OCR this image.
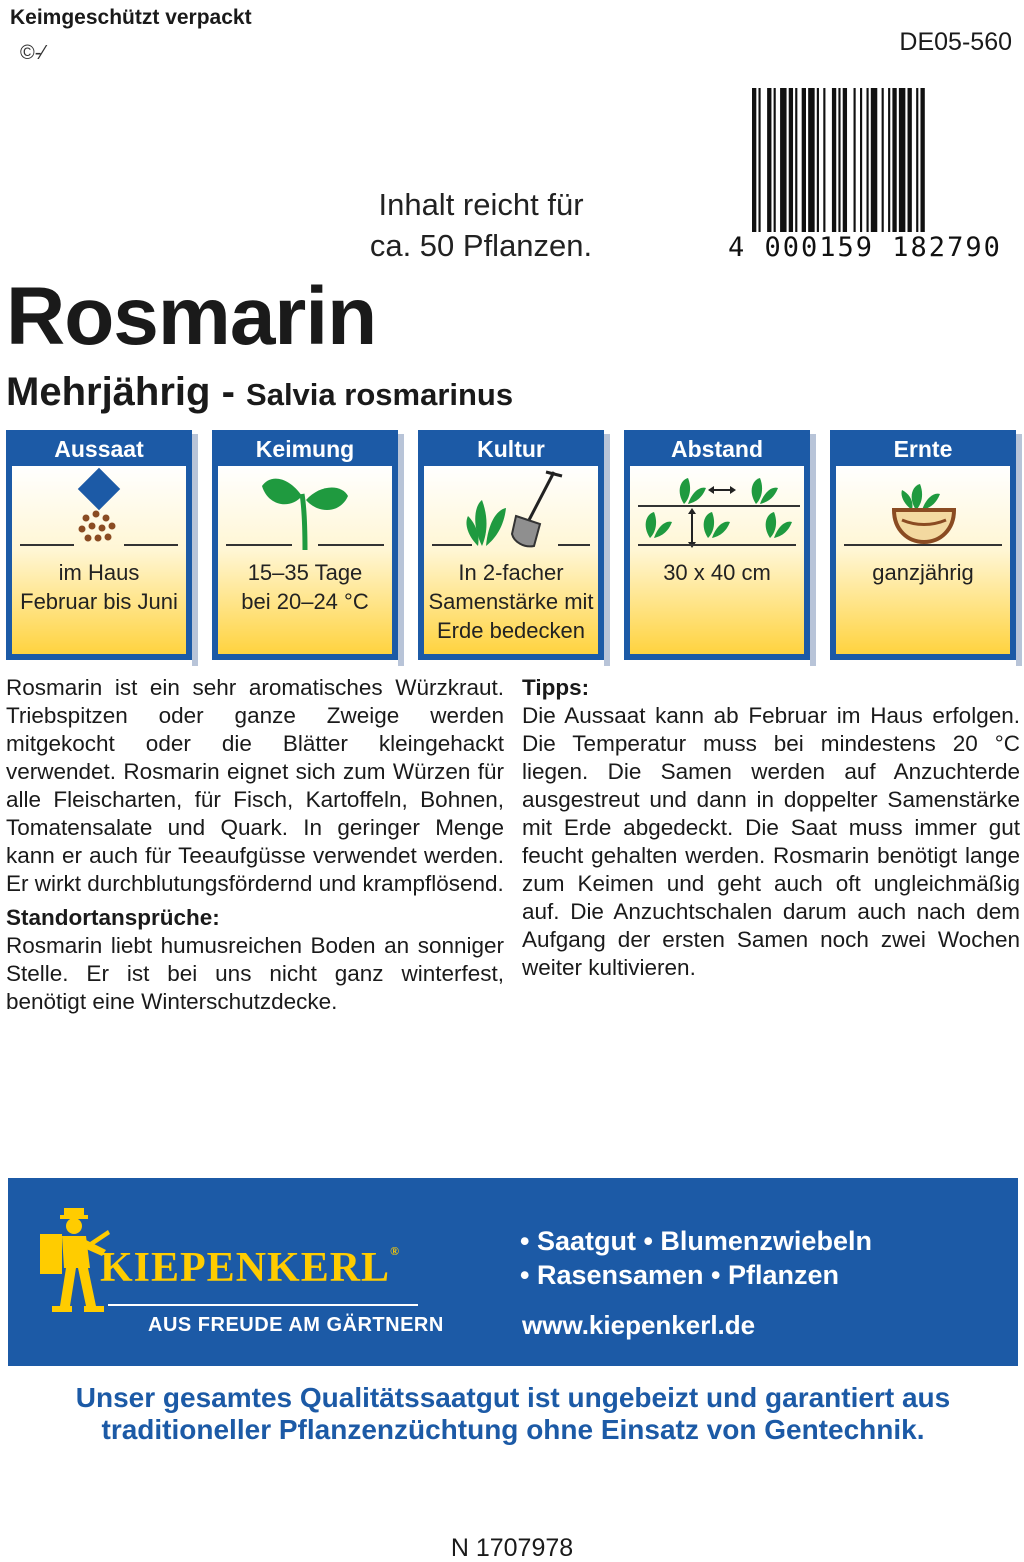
Keimgeschützt verpackt
©-⁄	DE05-560
4 000159 182790
Inhalt reicht für
ca. 50 Pflanzen.
Rosmarin
Mehrjährig - Salvia rosmarinus
Aussaat
im Haus
Februar bis Juni
Keimung
15–35 Tage
bei 20–24 °C
Kultur
In 2-facher
Samenstärke mit
Erde bedecken
Abstand
30 x 40 cm
Ernte
ganzjährig
Rosmarin ist ein sehr aromatisches Würzkraut. Triebspitzen oder ganze Zweige werden mitgekocht oder die Blätter kleingehackt verwendet. Rosmarin eignet sich zum Würzen für alle Fleischarten, für Fisch, Kartoffeln, Bohnen, Tomatensalate und Quark. In geringer Menge kann er auch für Teeaufgüsse verwendet werden. Er wirkt durchblutungsfördernd und krampflösend.
Standortansprüche:
Rosmarin liebt humusreichen Boden an sonniger Stelle. Er ist bei uns nicht ganz winterfest, benötigt eine Winterschutzdecke.
Tipps:
Die Aussaat kann ab Februar im Haus erfolgen. Die Temperatur muss bei mindestens 20 °C liegen. Die Samen werden auf Anzuchterde ausgestreut und dann in doppelter Samenstärke mit Erde abgedeckt. Die Saat muss immer gut feucht gehalten werden. Rosmarin benötigt lange zum Keimen und geht auch oft ungleichmäßig auf. Die Anzuchtschalen darum auch nach dem Aufgang der ersten Samen noch zwei Wochen weiter kultivieren.
KIEPENKERL®
AUS FREUDE AM GÄRTNERN
• Saatgut • Blumenzwiebeln
• Rasensamen • Pflanzen
www.kiepenkerl.de
Unser gesamtes Qualitätssaatgut ist ungebeizt und garantiert aus
traditioneller Pflanzenzüchtung ohne Einsatz von Gentechnik.
N 1707978
